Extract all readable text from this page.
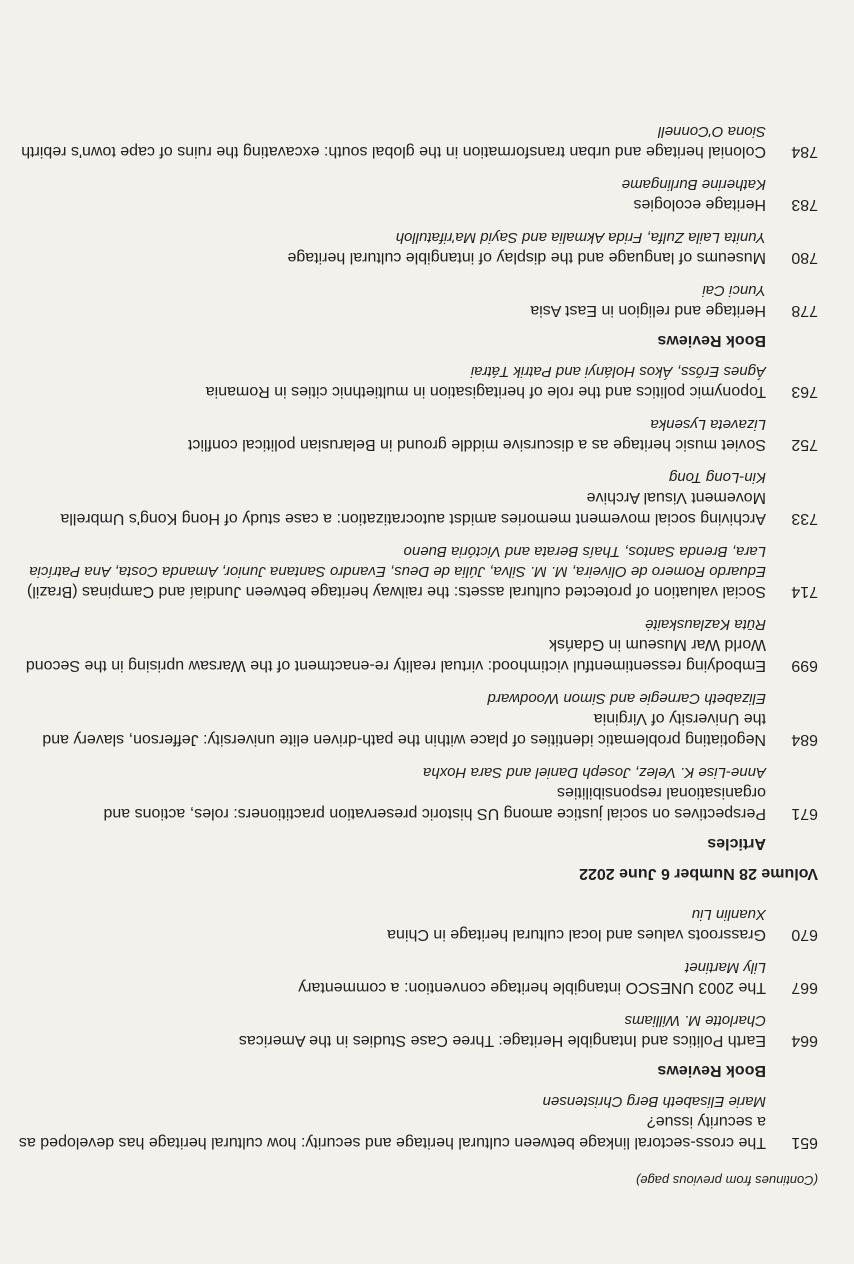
(Continues from previous page)

651
The cross-sectoral linkage between cultural heritage and security: how cultural heritage has developed as a security issue?
Marie Elisabeth Berg Christensen
Book Reviews
664
Earth Politics and Intangible Heritage: Three Case Studies in the Americas
Charlotte M. Williams
667
The 2003 UNESCO intangible heritage convention: a commentary
Lily Martinet
670
Grassroots values and local cultural heritage in China
Xuanlin Liu
Volume 28 Number 6 June 2022
Articles
671
Perspectives on social justice among US historic preservation practitioners: roles, actions and organisational responsibilities
Anne-Lise K. Velez, Joseph Daniel and Sara Hoxha
684
Negotiating problematic identities of place within the path-driven elite university: Jefferson, slavery and the University of Virginia
Elizabeth Carnegie and Simon Woodward
699
Embodying ressentimentful victimhood: virtual reality re-enactment of the Warsaw uprising in the Second World War Museum in Gdańsk
Rūta Kazlauskaitė
714
Social valuation of protected cultural assets: the railway heritage between Jundiaí and Campinas (Brazil)
Eduardo Romero de Oliveira, M. M. Silva, Júlia de Deus, Evandro Santana Junior, Amanda Costa, Ana Patrícia Lara, Brenda Santos, Thaís Berata and Victória Bueno
733
Archiving social movement memories amidst autocratization: a case study of Hong Kong's Umbrella Movement Visual Archive
Kin-Long Tong
752
Soviet music heritage as a discursive middle ground in Belarusian political conflict
Lizaveta Lysenka
763
Toponymic politics and the role of heritagisation in multiethnic cities in Romania
Ágnes Erőss, Ákos Holányi and Patrik Tátrai
Book Reviews
778
Heritage and religion in East Asia
Yunci Cai
780
Museums of language and the display of intangible cultural heritage
Yunita Laila Zulfa, Frida Akmalia and Sayid Ma'rifatulloh
783
Heritage ecologies
Katherine Burlingame
784
Colonial heritage and urban transformation in the global south: excavating the ruins of cape town's rebirth
Siona O'Connell
